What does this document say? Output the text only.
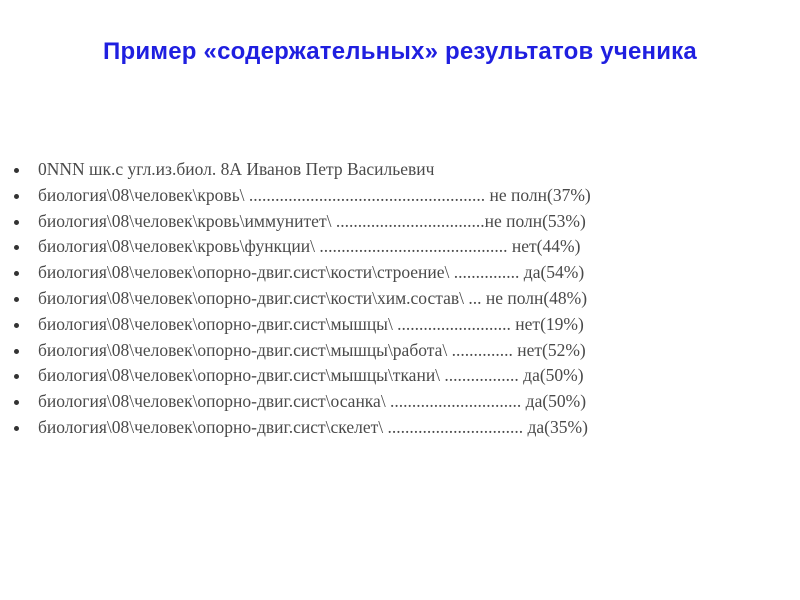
Пример «содержательных» результатов ученика
0NNN шк.с угл.из.биол. 8А Иванов Петр Васильевич
биология\08\человек\кровь\ ...................................................... не полн(37%)
биология\08\человек\кровь\иммунитет\ ..................................не полн(53%)
биология\08\человек\кровь\функции\ ........................................... нет(44%)
биология\08\человек\опорно-двиг.сист\кости\строение\ ............... да(54%)
биология\08\человек\опорно-двиг.сист\кости\хим.состав\ ... не полн(48%)
биология\08\человек\опорно-двиг.сист\мышцы\ .......................... нет(19%)
биология\08\человек\опорно-двиг.сист\мышцы\работа\ .............. нет(52%)
биология\08\человек\опорно-двиг.сист\мышцы\ткани\ ................. да(50%)
биология\08\человек\опорно-двиг.сист\осанка\ .............................. да(50%)
биология\08\человек\опорно-двиг.сист\скелет\ ............................... да(35%)
